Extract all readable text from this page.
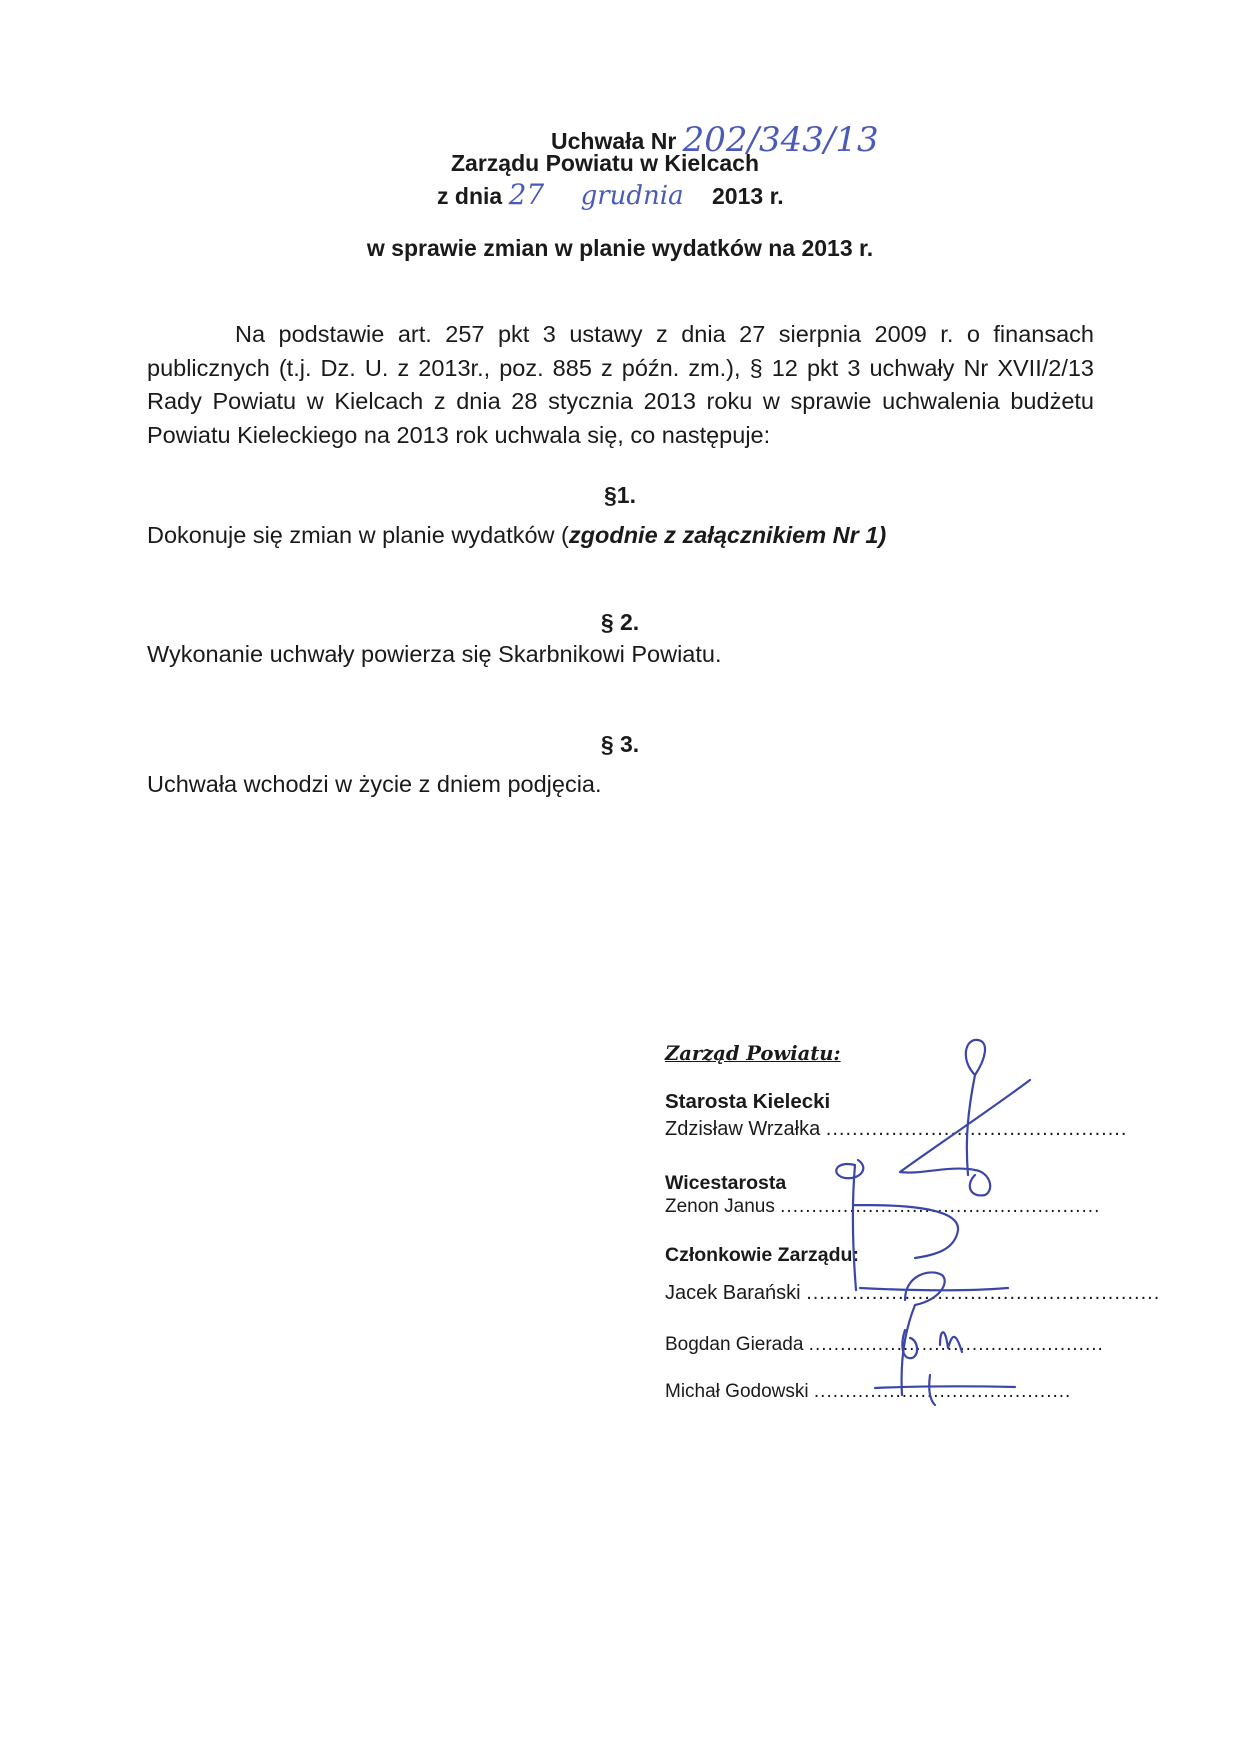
Uchwała Nr 202/343/13
Zarządu Powiatu w Kielcach
z dnia 27 grudnia 2013 r.
w sprawie zmian w planie wydatków na 2013 r.
Na podstawie art. 257 pkt 3 ustawy z dnia 27 sierpnia 2009 r. o finansach publicznych (t.j. Dz. U. z 2013r., poz. 885 z późn. zm.), § 12 pkt 3 uchwały Nr XVII/2/13 Rady Powiatu w Kielcach z dnia 28 stycznia 2013 roku w sprawie uchwalenia budżetu Powiatu Kieleckiego na 2013 rok uchwala się, co następuje:
§1.
Dokonuje się zmian w planie wydatków (zgodnie z załącznikiem Nr 1)
§ 2.
Wykonanie uchwały powierza się Skarbnikowi Powiatu.
§ 3.
Uchwała wchodzi w życie z dniem podjęcia.
Zarząd Powiatu:
Starosta Kielecki
Zdzisław Wrzałka ..............................................
Wicestarosta
Zenon Janus ...................................................
Członkowie Zarządu:
Jacek Barański ......................................................
Bogdan Gierada ...............................................
Michał Godowski .........................................
